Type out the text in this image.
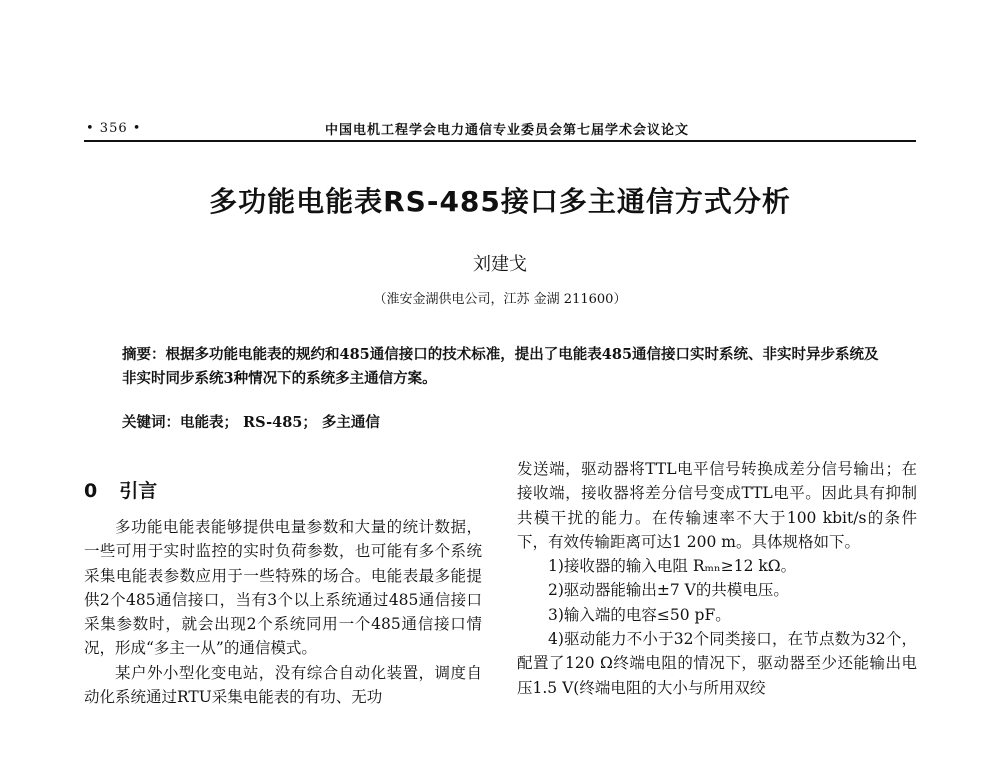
• 356 •	中国电机工程学会电力通信专业委员会第七届学术会议论文
多功能电能表RS-485接口多主通信方式分析
刘建戈
（淮安金湖供电公司，江苏 金湖 211600）
摘要：根据多功能电能表的规约和485通信接口的技术标准，提出了电能表485通信接口实时系统、非实时异步系统及非实时同步系统3种情况下的系统多主通信方案。
关键词：电能表； RS-485； 多主通信
0 引言

多功能电能表能够提供电量参数和大量的统计数据，一些可用于实时监控的实时负荷参数，也可能有多个系统采集电能表参数应用于一些特殊的场合。电能表最多能提供2个485通信接口，当有3个以上系统通过485通信接口采集参数时，就会出现2个系统同用一个485通信接口情况，形成“多主一从”的通信模式。

某户外小型化变电站，没有综合自动化装置，调度自动化系统通过RTU采集电能表的有功、无功

发送端，驱动器将TTL电平信号转换成差分信号输出；在接收端，接收器将差分信号变成TTL电平。因此具有抑制共模干扰的能力。在传输速率不大于100 kbit/s的条件下，有效传输距离可达1 200 m。具体规格如下。

1)接收器的输入电阻 Rₘₙ≥12 kΩ。

2)驱动器能输出±7 V的共模电压。

3)输入端的电容≤50 pF。

4)驱动能力不小于32个同类接口，在节点数为32个，配置了120 Ω终端电阻的情况下，驱动器至少还能输出电压1.5 V(终端电阻的大小与所用双绞
